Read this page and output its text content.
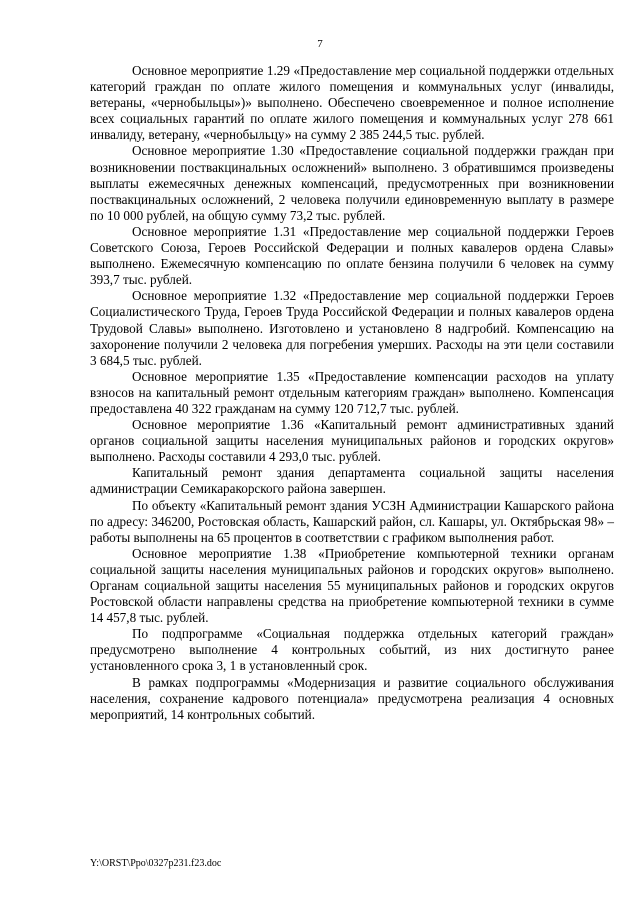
7

Основное мероприятие 1.29 «Предоставление мер социальной поддержки отдельных категорий граждан по оплате жилого помещения и коммунальных услуг (инвалиды, ветераны, «чернобыльцы»)» выполнено. Обеспечено своевременное и полное исполнение всех социальных гарантий по оплате жилого помещения и коммунальных услуг 278 661 инвалиду, ветерану, «чернобыльцу» на сумму 2 385 244,5 тыс. рублей.

Основное мероприятие 1.30 «Предоставление социальной поддержки граждан при возникновении поствакцинальных осложнений» выполнено. 3 обратившимся произведены выплаты ежемесячных денежных компенсаций, предусмотренных при возникновении поствакцинальных осложнений, 2 человека получили единовременную выплату в размере по 10 000 рублей, на общую сумму 73,2 тыс. рублей.

Основное мероприятие 1.31 «Предоставление мер социальной поддержки Героев Советского Союза, Героев Российской Федерации и полных кавалеров ордена Славы» выполнено. Ежемесячную компенсацию по оплате бензина получили 6 человек на сумму 393,7 тыс. рублей.

Основное мероприятие 1.32 «Предоставление мер социальной поддержки Героев Социалистического Труда, Героев Труда Российской Федерации и полных кавалеров ордена Трудовой Славы» выполнено. Изготовлено и установлено 8 надгробий. Компенсацию на захоронение получили 2 человека для погребения умерших. Расходы на эти цели составили 3 684,5 тыс. рублей.

Основное мероприятие 1.35 «Предоставление компенсации расходов на уплату взносов на капитальный ремонт отдельным категориям граждан» выполнено. Компенсация предоставлена 40 322 гражданам на сумму 120 712,7 тыс. рублей.

Основное мероприятие 1.36 «Капитальный ремонт административных зданий органов социальной защиты населения муниципальных районов и городских округов» выполнено. Расходы составили 4 293,0 тыс. рублей.

Капитальный ремонт здания департамента социальной защиты населения администрации Семикаракорского района завершен.

По объекту «Капитальный ремонт здания УСЗН Администрации Кашарского района по адресу: 346200, Ростовская область, Кашарский район, сл. Кашары, ул. Октябрьская 98» – работы выполнены на 65 процентов в соответствии с графиком выполнения работ.

Основное мероприятие 1.38 «Приобретение компьютерной техники органам социальной защиты населения муниципальных районов и городских округов» выполнено. Органам социальной защиты населения 55 муниципальных районов и городских округов Ростовской области направлены средства на приобретение компьютерной техники в сумме 14 457,8 тыс. рублей.

По подпрограмме «Социальная поддержка отдельных категорий граждан» предусмотрено выполнение 4 контрольных событий, из них достигнуто ранее установленного срока 3, 1 в установленный срок.

В рамках подпрограммы «Модернизация и развитие социального обслуживания населения, сохранение кадрового потенциала» предусмотрена реализация 4 основных мероприятий, 14 контрольных событий.

Y:\ORST\Ppo\0327p231.f23.doc
